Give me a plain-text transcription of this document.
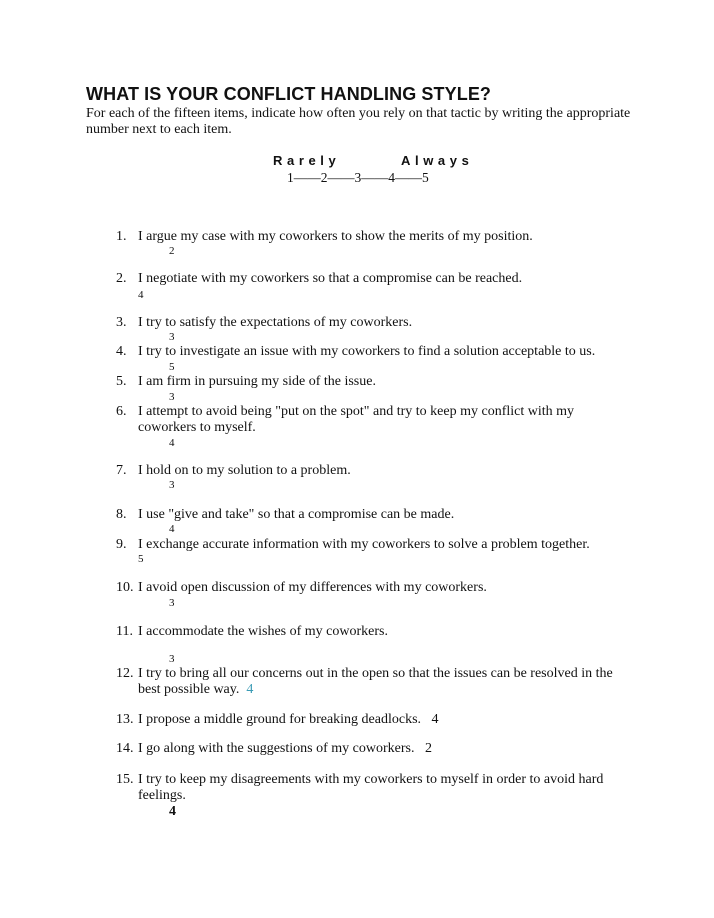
WHAT IS YOUR CONFLICT HANDLING STYLE?
For each of the fifteen items, indicate how often you rely on that tactic by writing the appropriate number next to each item.
Rarely	Always
1——2——3——4——5
1. I argue my case with my coworkers to show the merits of my position.
2
2. I negotiate with my coworkers so that a compromise can be reached.
4
3. I try to satisfy the expectations of my coworkers.
3
4. I try to investigate an issue with my coworkers to find a solution acceptable to us.
5
5. I am firm in pursuing my side of the issue.
3
6. I attempt to avoid being "put on the spot" and try to keep my conflict with my
coworkers to myself.
4
7. I hold on to my solution to a problem.
3
8. I use "give and take" so that a compromise can be made.
4
9. I exchange accurate information with my coworkers to solve a problem together.
5
10. I avoid open discussion of my differences with my coworkers.
3
11. I accommodate the wishes of my coworkers.
3
12. I try to bring all our concerns out in the open so that the issues can be resolved in the
best possible way. 4
13. I propose a middle ground for breaking deadlocks. 4
14. I go along with the suggestions of my coworkers. 2
15. I try to keep my disagreements with my coworkers to myself in order to avoid hard
feelings.
4
